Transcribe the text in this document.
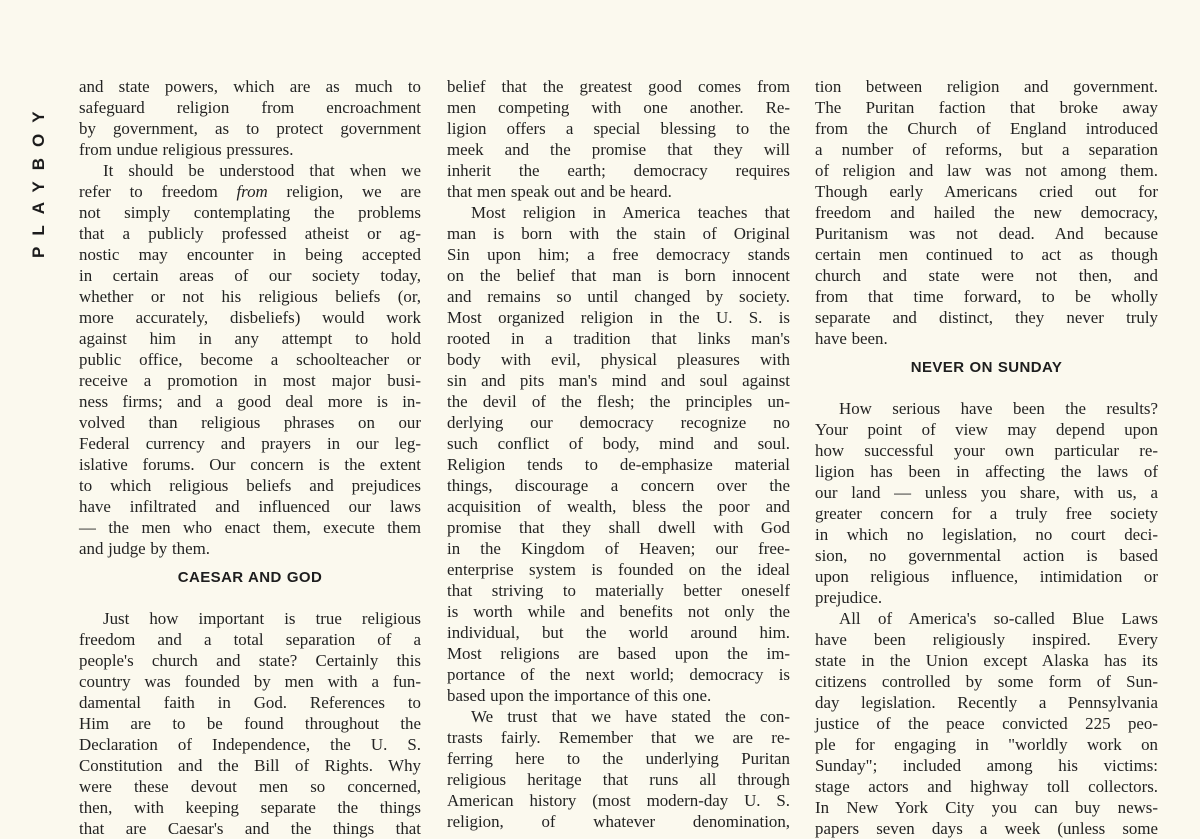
PLAYBOY
and state powers, which are as much to
safeguard religion from encroachment
by government, as to protect government
from undue religious pressures.
It should be understood that when we
refer to freedom from religion, we are
not simply contemplating the problems
that a publicly professed atheist or ag-
nostic may encounter in being accepted
in certain areas of our society today,
whether or not his religious beliefs (or,
more accurately, disbeliefs) would work
against him in any attempt to hold
public office, become a schoolteacher or
receive a promotion in most major busi-
ness firms; and a good deal more is in-
volved than religious phrases on our
Federal currency and prayers in our leg-
islative forums. Our concern is the extent
to which religious beliefs and prejudices
have infiltrated and influenced our laws
— the men who enact them, execute them
and judge by them.
CAESAR AND GOD
Just how important is true religious
freedom and a total separation of a
people's church and state? Certainly this
country was founded by men with a fun-
damental faith in God. References to
Him are to be found throughout the
Declaration of Independence, the U. S.
Constitution and the Bill of Rights. Why
were these devout men so concerned,
then, with keeping separate the things
that are Caesar's and the things that
belief that the greatest good comes from
men competing with one another. Re-
ligion offers a special blessing to the
meek and the promise that they will
inherit the earth; democracy requires
that men speak out and be heard.
Most religion in America teaches that
man is born with the stain of Original
Sin upon him; a free democracy stands
on the belief that man is born innocent
and remains so until changed by society.
Most organized religion in the U. S. is
rooted in a tradition that links man's
body with evil, physical pleasures with
sin and pits man's mind and soul against
the devil of the flesh; the principles un-
derlying our democracy recognize no
such conflict of body, mind and soul.
Religion tends to de-emphasize material
things, discourage a concern over the
acquisition of wealth, bless the poor and
promise that they shall dwell with God
in the Kingdom of Heaven; our free-
enterprise system is founded on the ideal
that striving to materially better oneself
is worth while and benefits not only the
individual, but the world around him.
Most religions are based upon the im-
portance of the next world; democracy is
based upon the importance of this one.
We trust that we have stated the con-
trasts fairly. Remember that we are re-
ferring here to the underlying Puritan
religious heritage that runs all through
American history (most modern-day U. S.
religion, of whatever denomination,
tion between religion and government.
The Puritan faction that broke away
from the Church of England introduced
a number of reforms, but a separation
of religion and law was not among them.
Though early Americans cried out for
freedom and hailed the new democracy,
Puritanism was not dead. And because
certain men continued to act as though
church and state were not then, and
from that time forward, to be wholly
separate and distinct, they never truly
have been.
NEVER ON SUNDAY
How serious have been the results?
Your point of view may depend upon
how successful your own particular re-
ligion has been in affecting the laws of
our land — unless you share, with us, a
greater concern for a truly free society
in which no legislation, no court deci-
sion, no governmental action is based
upon religious influence, intimidation or
prejudice.
All of America's so-called Blue Laws
have been religiously inspired. Every
state in the Union except Alaska has its
citizens controlled by some form of Sun-
day legislation. Recently a Pennsylvania
justice of the peace convicted 225 peo-
ple for engaging in "worldly work on
Sunday"; included among his victims:
stage actors and highway toll collectors.
In New York City you can buy news-
papers seven days a week (unless some
